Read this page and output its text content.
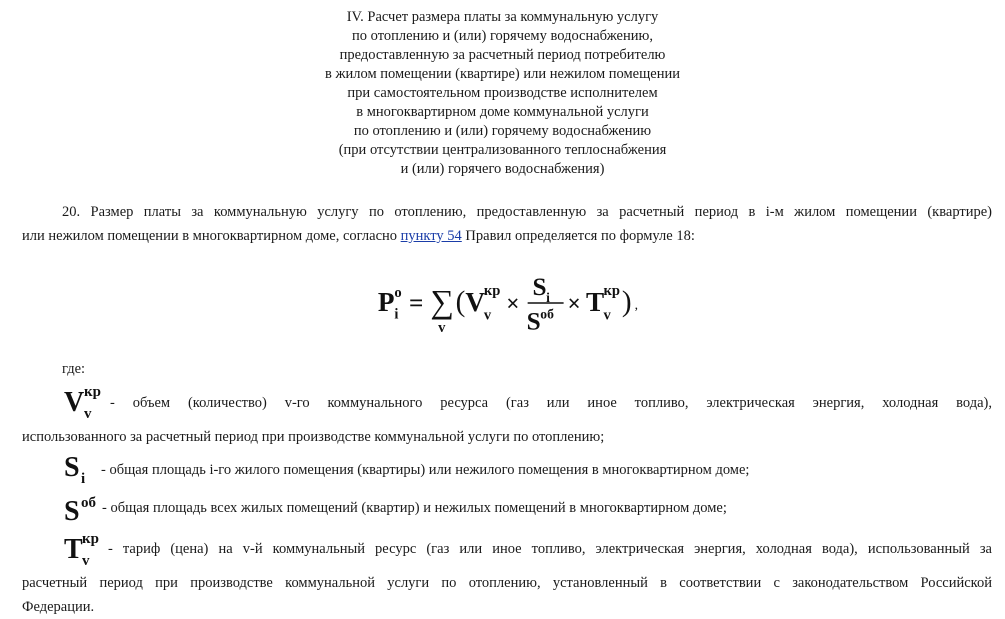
IV. Расчет размера платы за коммунальную услугу
по отоплению и (или) горячему водоснабжению,
предоставленную за расчетный период потребителю
в жилом помещении (квартире) или нежилом помещении
при самостоятельном производстве исполнителем
в многоквартирном доме коммунальной услуги
по отоплению и (или) горячему водоснабжению
(при отсутствии централизованного теплоснабжения
и (или) горячего водоснабжения)
20. Размер платы за коммунальную услугу по отоплению, предоставленную за расчетный период в i-м жилом помещении (квартире)
или нежилом помещении в многоквартирном доме, согласно пункту 54 Правил определяется по формуле 18:
P о
i = ∑
v
( V
кр
v ×
S i
S об × T кр
v ) ,
где:
V кр
v
- объем (количество) v-го коммунального ресурса (газ или иное топливо, электрическая энергия, холодная вода),
использованного за расчетный период при производстве коммунальной услуги по отоплению;
S i
- общая площадь i-го жилого помещения (квартиры) или нежилого помещения в многоквартирном доме;
S об - общая площадь всех жилых помещений (квартир) и нежилых помещений в многоквартирном доме;
T кр
v
- тариф (цена) на v-й коммунальный ресурс (газ или иное топливо, электрическая энергия, холодная вода), использованный за
расчетный период при производстве коммунальной услуги по отоплению, установленный в соответствии с законодательством Российской
Федерации.
